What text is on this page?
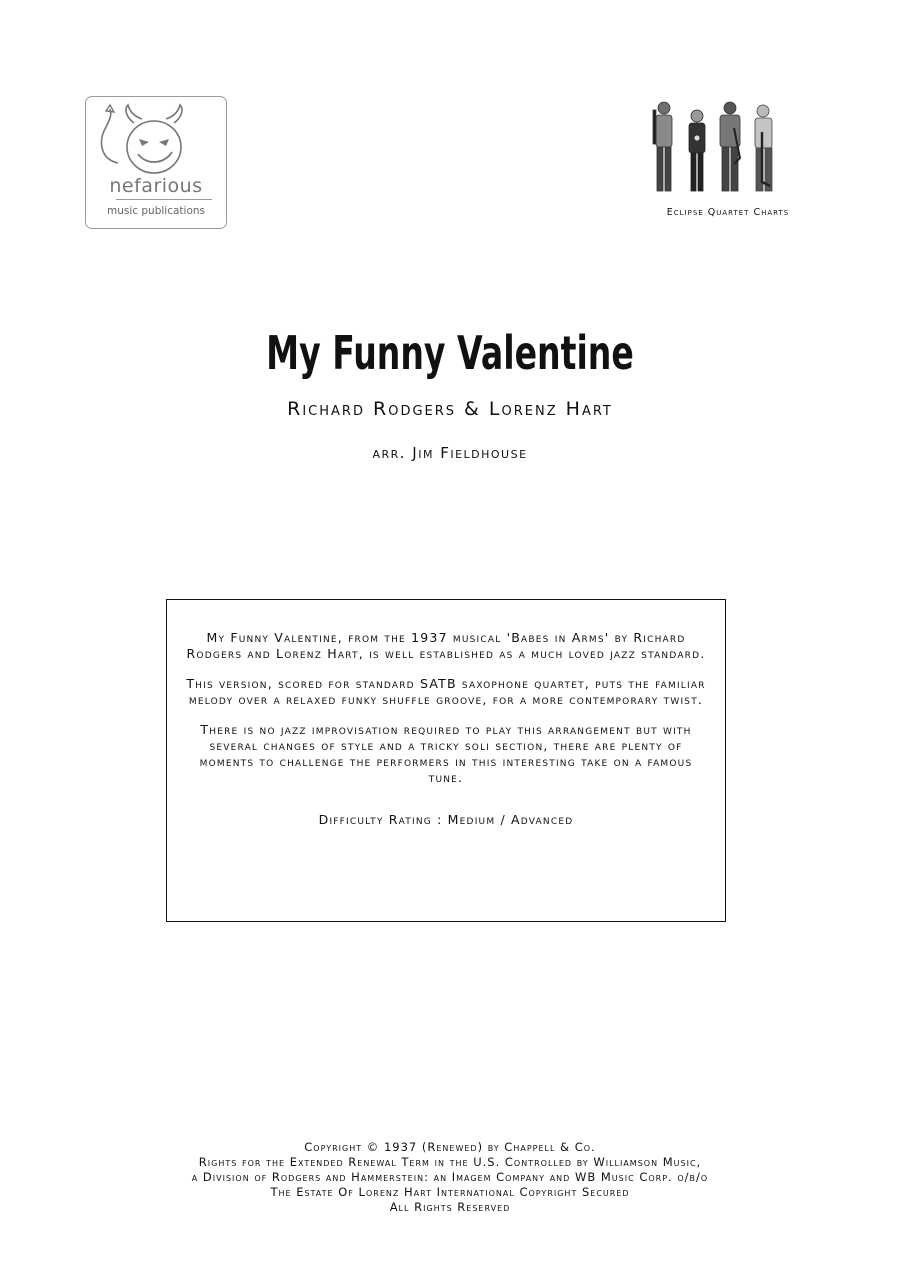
nefarious
music publications	Eclipse Quartet Charts
My Funny Valentine
Richard Rodgers & Lorenz Hart
arr. Jim Fieldhouse

My Funny Valentine, from the 1937 musical 'Babes in Arms' by Richard Rodgers and Lorenz Hart, is well established as a much loved jazz standard.

This version, scored for standard SATB saxophone quartet, puts the familiar melody over a relaxed funky shuffle groove, for a more contemporary twist.

There is no jazz improvisation required to play this arrangement but with several changes of style and a tricky soli section, there are plenty of moments to challenge the performers in this interesting take on a famous tune.

Difficulty Rating : Medium / Advanced

Copyright © 1937 (Renewed) by Chappell & Co.
Rights for the Extended Renewal Term in the U.S. Controlled by Williamson Music,
a Division of Rodgers and Hammerstein: an Imagem Company and WB Music Corp. o/b/o
The Estate Of Lorenz Hart International Copyright Secured
All Rights Reserved
